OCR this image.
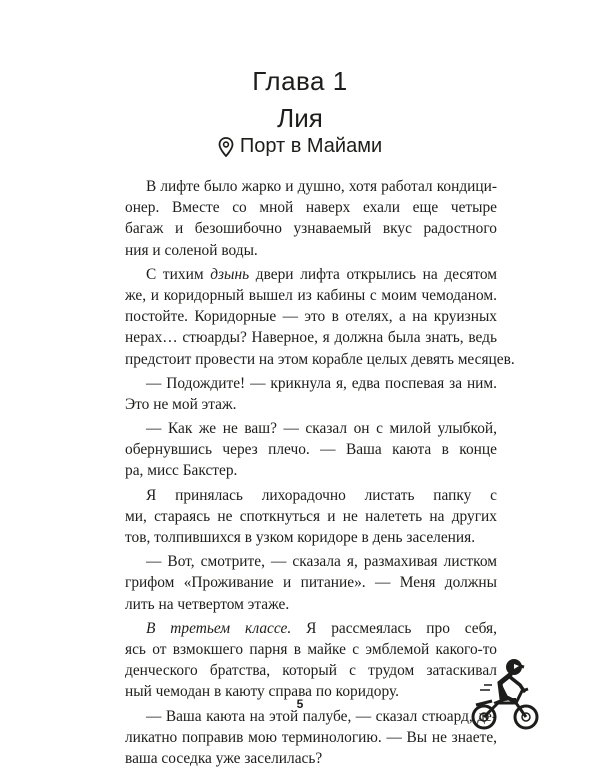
Глава 1
Лия
Порт в Майами
В лифте было жарко и душно, хотя работал кондици-
онер. Вместе со мной наверх ехали еще четыре
багаж и безошибочно узнаваемый вкус радостного
ния и соленой воды.
С тихим дзынь двери лифта открылись на десятом
же, и коридорный вышел из кабины с моим чемоданом.
постойте. Коридорные — это в отелях, а на круизных
нерах… стюарды? Наверное, я должна была знать, ведь
предстоит провести на этом корабле целых девять месяцев.
— Подождите! — крикнула я, едва поспевая за ним.
Это не мой этаж.
— Как же не ваш? — сказал он с милой улыбкой,
обернувшись через плечо. — Ваша каюта в конце
ра, мисс Бакстер.
Я принялась лихорадочно листать папку с
ми, стараясь не споткнуться и не налететь на других
тов, толпившихся в узком коридоре в день заселения.
— Вот, смотрите, — сказала я, размахивая листком
грифом «Проживание и питание». — Меня должны
лить на четвертом этаже.
В третьем классе. Я рассмеялась про себя,
ясь от взмокшего парня в майке с эмблемой какого-то
денческого братства, который с трудом затаскивал
ный чемодан в каюту справа по коридору.
— Ваша каюта на этой палубе, — сказал стюард, де-
ликатно поправив мою терминологию. — Вы не знаете,
ваша соседка уже заселилась?
5
